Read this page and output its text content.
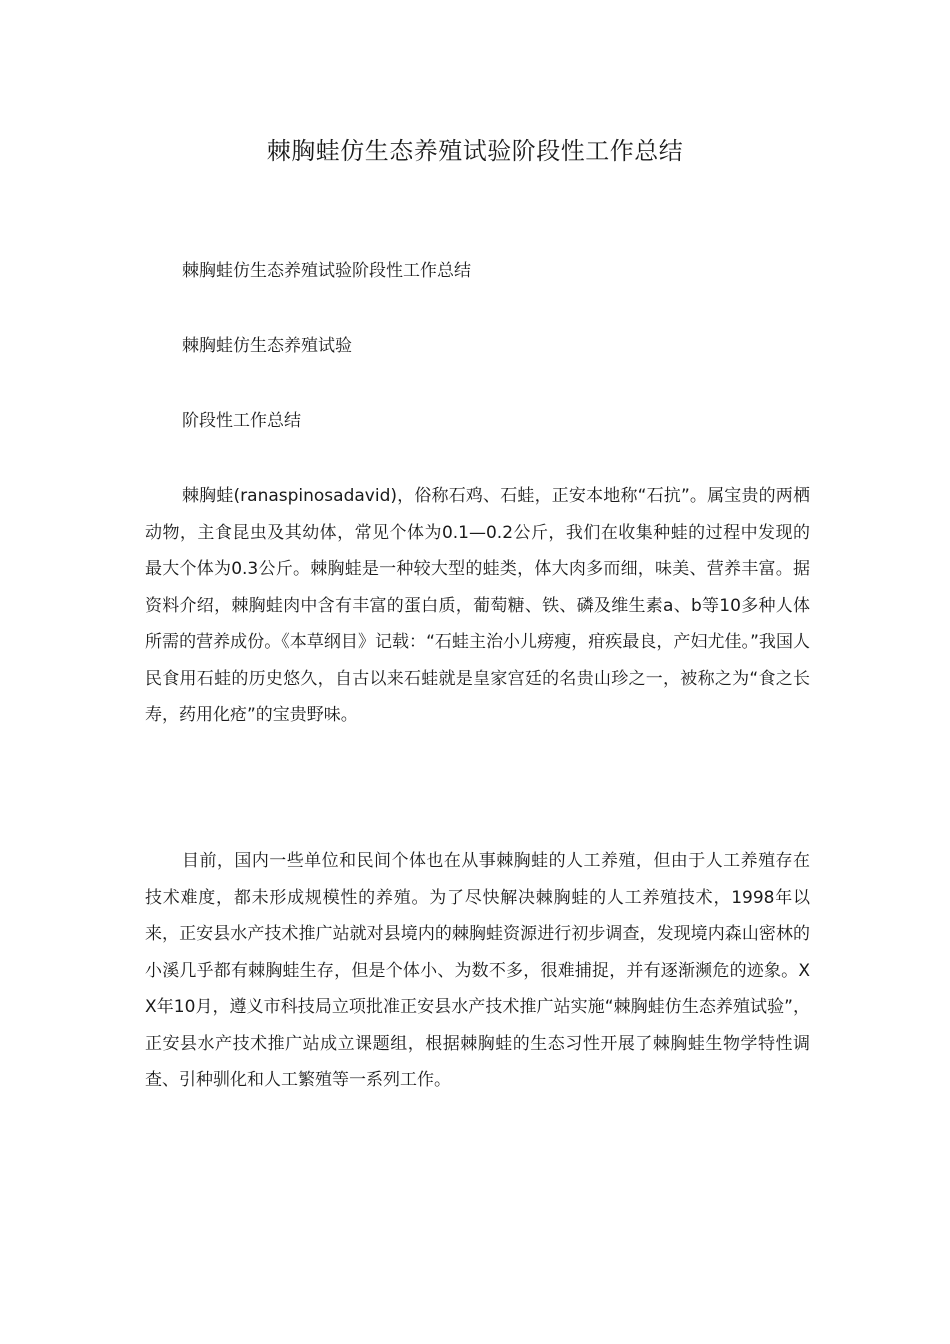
棘胸蛙仿生态养殖试验阶段性工作总结

棘胸蛙仿生态养殖试验阶段性工作总结

棘胸蛙仿生态养殖试验

阶段性工作总结

棘胸蛙(ranaspinosadavid)，俗称石鸡、石蛙，正安本地称“石抗”。属宝贵的两栖动物，主食昆虫及其幼体，常见个体为0.1—0.2公斤，我们在收集种蛙的过程中发现的最大个体为0.3公斤。棘胸蛙是一种较大型的蛙类，体大肉多而细，味美、营养丰富。据资料介绍，棘胸蛙肉中含有丰富的蛋白质，葡萄糖、铁、磷及维生素a、b等10多种人体所需的营养成份。《本草纲目》记载：“石蛙主治小儿痨瘦，疳疾最良，产妇尤佳。”我国人民食用石蛙的历史悠久，自古以来石蛙就是皇家宫廷的名贵山珍之一，被称之为“食之长寿，药用化疮”的宝贵野味。

目前，国内一些单位和民间个体也在从事棘胸蛙的人工养殖，但由于人工养殖存在技术难度，都未形成规模性的养殖。为了尽快解决棘胸蛙的人工养殖技术，1998年以来，正安县水产技术推广站就对县境内的棘胸蛙资源进行初步调查，发现境内森山密林的小溪几乎都有棘胸蛙生存，但是个体小、为数不多，很难捕捉，并有逐渐濒危的迹象。XX年10月，遵义市科技局立项批准正安县水产技术推广站实施“棘胸蛙仿生态养殖试验”，正安县水产技术推广站成立课题组，根据棘胸蛙的生态习性开展了棘胸蛙生物学特性调查、引种驯化和人工繁殖等一系列工作。
